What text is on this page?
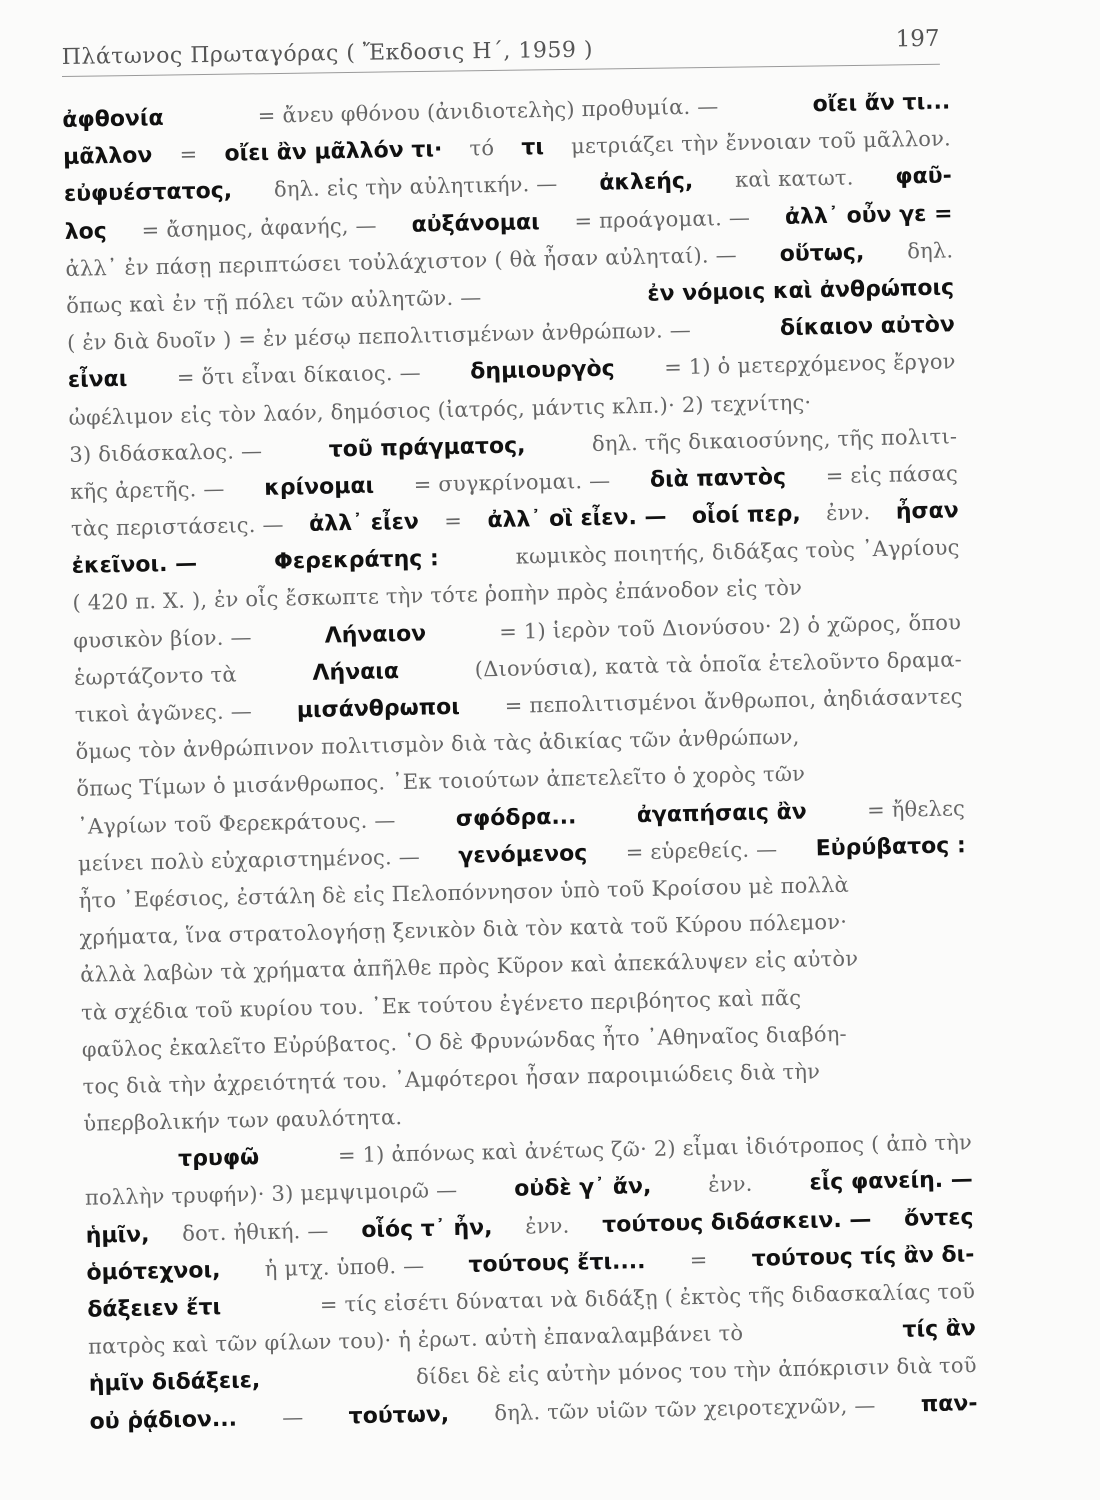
Πλάτωνος Πρωταγόρας ( Ἔκδοσις Η΄, 1959 )	197
ἀφθονία	= ἄνευ φθόνου (ἀνιδιοτελὴς) προθυμία. —	οἴει ἄν τι...
μᾶλλον = οἴει ἂν μᾶλλόν τι· τό τι μετριάζει τὴν ἔννοιαν τοῦ μᾶλλον.
εὐφυέστατος, δηλ. εἰς τὴν αὐλητικήν. — ἀκλεής, καὶ κατωτ. φαῦ-
λος = ἄσημος, ἀφανής, — αὐξάνομαι = προάγομαι. — ἀλλ᾿ οὖν γε =
ἀλλ᾿ ἐν πάσῃ περιπτώσει τοὐλάχιστον ( θὰ ἦσαν αὐληταί). — οὕτως, δηλ.
ὅπως καὶ ἐν τῇ πόλει τῶν αὐλητῶν. —	ἐν νόμοις καὶ ἀνθρώποις
( ἐν διὰ δυοῖν ) = ἐν μέσῳ πεπολιτισμένων ἀνθρώπων. —	δίκαιον αὐτὸν
εἶναι = ὅτι εἶναι δίκαιος. — δημιουργὸς = 1) ὁ μετερχόμενος ἔργον
ὠφέλιμον εἰς τὸν λαόν, δημόσιος (ἰατρός, μάντις κλπ.)· 2) τεχνίτης·
3) διδάσκαλος. —	τοῦ πράγματος,	δηλ. τῆς δικαιοσύνης, τῆς πολιτι-
κῆς ἀρετῆς. — κρίνομαι = συγκρίνομαι. — διὰ παντὸς = εἰς πάσας
τὰς περιστάσεις. — ἀλλ᾿ εἶεν = ἀλλ᾿ οἳ εἶεν. — οἷοί περ, ἐνν. ἦσαν
ἐκεῖνοι. —	Φερεκράτης :	κωμικὸς ποιητής, διδάξας τοὺς ᾿Αγρίους
( 420 π. Χ. ), ἐν οἷς ἔσκωπτε τὴν τότε ῥοπὴν πρὸς ἐπάνοδον εἰς τὸν
φυσικὸν βίον. —	Λήναιον	= 1) ἱερὸν τοῦ Διονύσου· 2) ὁ χῶρος, ὅπου
ἑωρτάζοντο τὰ	Λήναια	(Διονύσια), κατὰ τὰ ὁποῖα ἐτελοῦντο δραμα-
τικοὶ ἀγῶνες. — μισάνθρωποι = πεπολιτισμένοι ἄνθρωποι, ἀηδιάσαντες
ὅμως τὸν ἀνθρώπινον πολιτισμὸν διὰ τὰς ἀδικίας τῶν ἀνθρώπων,
ὅπως Τίμων ὁ μισάνθρωπος. ᾿Εκ τοιούτων ἀπετελεῖτο ὁ χορὸς τῶν
᾿Αγρίων τοῦ Φερεκράτους. —	σφόδρα...	ἀγαπήσαις ἂν	= ἤθελες
μείνει πολὺ εὐχαριστημένος. — γενόμενος = εὑρεθείς. — Εὐρύβατος :
ἦτο ᾿Εφέσιος, ἐστάλη δὲ εἰς Πελοπόννησον ὑπὸ τοῦ Κροίσου μὲ πολλὰ
χρήματα, ἵνα στρατολογήσῃ ξενικὸν διὰ τὸν κατὰ τοῦ Κύρου πόλεμον·
ἀλλὰ λαβὼν τὰ χρήματα ἀπῆλθε πρὸς Κῦρον καὶ ἀπεκάλυψεν εἰς αὐτὸν
τὰ σχέδια τοῦ κυρίου του. ᾿Εκ τούτου ἐγένετο περιβόητος καὶ πᾶς
φαῦλος ἐκαλεῖτο Εὐρύβατος. ῾Ο δὲ Φρυνώνδας ἦτο ᾿Αθηναῖος διαβόη-
τος διὰ τὴν ἀχρειότητά του. ᾿Αμφότεροι ἦσαν παροιμιώδεις διὰ τὴν
ὑπερβολικήν των φαυλότητα.
τρυφῶ	= 1) ἀπόνως καὶ ἀνέτως ζῶ· 2) εἶμαι ἰδιότροπος ( ἀπὸ τὴν
πολλὴν τρυφήν)· 3) μεμψιμοιρῶ —	οὐδὲ γ᾿ ἄν,	ἐνν.	εἷς φανείη. —
ἡμῖν, δοτ. ἠθική. — οἷός τ᾿ ἦν, ἐνν. τούτους διδάσκειν. — ὄντες
ὁμότεχνοι, ἡ μτχ. ὑποθ. — τούτους ἔτι.... = τούτους τίς ἂν δι-
δάξειεν ἔτι	= τίς εἰσέτι δύναται νὰ διδάξῃ ( ἐκτὸς τῆς διδασκαλίας τοῦ
πατρὸς καὶ τῶν φίλων του)· ἡ ἐρωτ. αὐτὴ ἐπαναλαμβάνει τὸ	τίς ἂν
ἡμῖν διδάξειε,	δίδει δὲ εἰς αὐτὴν μόνος του τὴν ἀπόκρισιν διὰ τοῦ
οὐ ῥᾴδιον... — τούτων, δηλ. τῶν υἱῶν τῶν χειροτεχνῶν, — παν-
